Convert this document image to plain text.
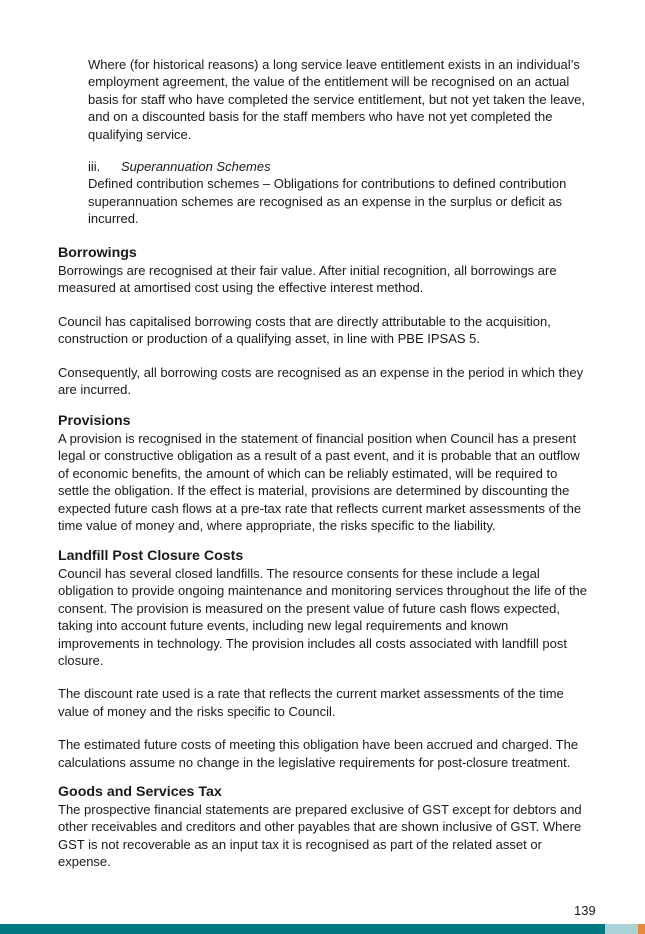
Where (for historical reasons) a long service leave entitlement exists in an individual’s employment agreement, the value of the entitlement will be recognised on an actual basis for staff who have completed the service entitlement, but not yet taken the leave, and on a discounted basis for the staff members who have not yet completed the qualifying service.

iii.	Superannuation Schemes

Defined contribution schemes – Obligations for contributions to defined contribution superannuation schemes are recognised as an expense in the surplus or deficit as incurred.

Borrowings

Borrowings are recognised at their fair value. After initial recognition, all borrowings are measured at amortised cost using the effective interest method.

Council has capitalised borrowing costs that are directly attributable to the acquisition, construction or production of a qualifying asset, in line with PBE IPSAS 5.

Consequently, all borrowing costs are recognised as an expense in the period in which they are incurred.

Provisions

A provision is recognised in the statement of financial position when Council has a present legal or constructive obligation as a result of a past event, and it is probable that an outflow of economic benefits, the amount of which can be reliably estimated, will be required to settle the obligation. If the effect is material, provisions are determined by discounting the expected future cash flows at a pre-tax rate that reflects current market assessments of the time value of money and, where appropriate, the risks specific to the liability.

Landfill Post Closure Costs

Council has several closed landfills. The resource consents for these include a legal obligation to provide ongoing maintenance and monitoring services throughout the life of the consent. The provision is measured on the present value of future cash flows expected, taking into account future events, including new legal requirements and known improvements in technology. The provision includes all costs associated with landfill post closure.

The discount rate used is a rate that reflects the current market assessments of the time value of money and the risks specific to Council.

The estimated future costs of meeting this obligation have been accrued and charged. The calculations assume no change in the legislative requirements for post-closure treatment.

Goods and Services Tax

The prospective financial statements are prepared exclusive of GST except for debtors and other receivables and creditors and other payables that are shown inclusive of GST. Where GST is not recoverable as an input tax it is recognised as part of the related asset or expense.

139
